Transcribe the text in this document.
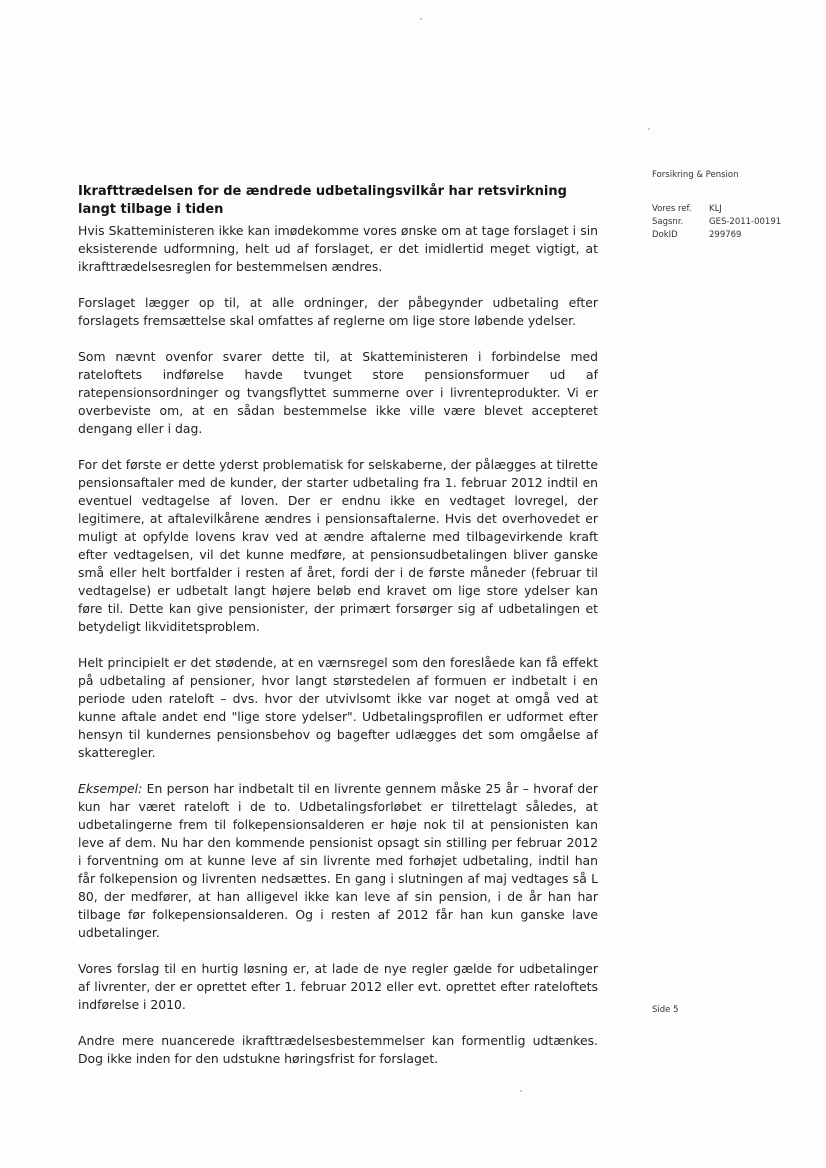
Ikrafttrædelsen for de ændrede udbetalingsvilkår har retsvirkning langt tilbage i tiden

Hvis Skatteministeren ikke kan imødekomme vores ønske om at tage forslaget i sin eksisterende udformning, helt ud af forslaget, er det imidlertid meget vigtigt, at ikrafttrædelsesreglen for bestemmelsen ændres.

Forslaget lægger op til, at alle ordninger, der påbegynder udbetaling efter forslagets fremsættelse skal omfattes af reglerne om lige store løbende ydelser.

Som nævnt ovenfor svarer dette til, at Skatteministeren i forbindelse med rateloftets indførelse havde tvunget store pensionsformuer ud af ratepensionsordninger og tvangsflyttet summerne over i livrenteprodukter. Vi er overbeviste om, at en sådan bestemmelse ikke ville være blevet accepteret dengang eller i dag.

For det første er dette yderst problematisk for selskaberne, der pålægges at tilrette pensionsaftaler med de kunder, der starter udbetaling fra 1. februar 2012 indtil en eventuel vedtagelse af loven. Der er endnu ikke en vedtaget lovregel, der legitimere, at aftalevilkårene ændres i pensionsaftalerne. Hvis det overhovedet er muligt at opfylde lovens krav ved at ændre aftalerne med tilbagevirkende kraft efter vedtagelsen, vil det kunne medføre, at pensionsudbetalingen bliver ganske små eller helt bortfalder i resten af året, fordi der i de første måneder (februar til vedtagelse) er udbetalt langt højere beløb end kravet om lige store ydelser kan føre til. Dette kan give pensionister, der primært forsørger sig af udbetalingen et betydeligt likviditetsproblem.

Helt principielt er det stødende, at en værnsregel som den foreslåede kan få effekt på udbetaling af pensioner, hvor langt størstedelen af formuen er indbetalt i en periode uden rateloft – dvs. hvor der utvivlsomt ikke var noget at omgå ved at kunne aftale andet end "lige store ydelser". Udbetalingsprofilen er udformet efter hensyn til kundernes pensionsbehov og bagefter udlægges det som omgåelse af skatteregler.

Eksempel: En person har indbetalt til en livrente gennem måske 25 år – hvoraf der kun har været rateloft i de to. Udbetalingsforløbet er tilrettelagt således, at udbetalingerne frem til folkepensionsalderen er høje nok til at pensionisten kan leve af dem. Nu har den kommende pensionist opsagt sin stilling per februar 2012 i forventning om at kunne leve af sin livrente med forhøjet udbetaling, indtil han får folkepension og livrenten nedsættes. En gang i slutningen af maj vedtages så L 80, der medfører, at han alligevel ikke kan leve af sin pension, i de år han har tilbage før folkepensionsalderen. Og i resten af 2012 får han kun ganske lave udbetalinger.

Vores forslag til en hurtig løsning er, at lade de nye regler gælde for udbetalinger af livrenter, der er oprettet efter 1. februar 2012 eller evt. oprettet efter rateloftets indførelse i 2010.

Andre mere nuancerede ikrafttrædelsesbestemmelser kan formentlig udtænkes. Dog ikke inden for den udstukne høringsfrist for forslaget.

Forsikring & Pension
Vores ref.	KLJ
Sagsnr.	GES-2011-00191
DokID	299769
Side 5
